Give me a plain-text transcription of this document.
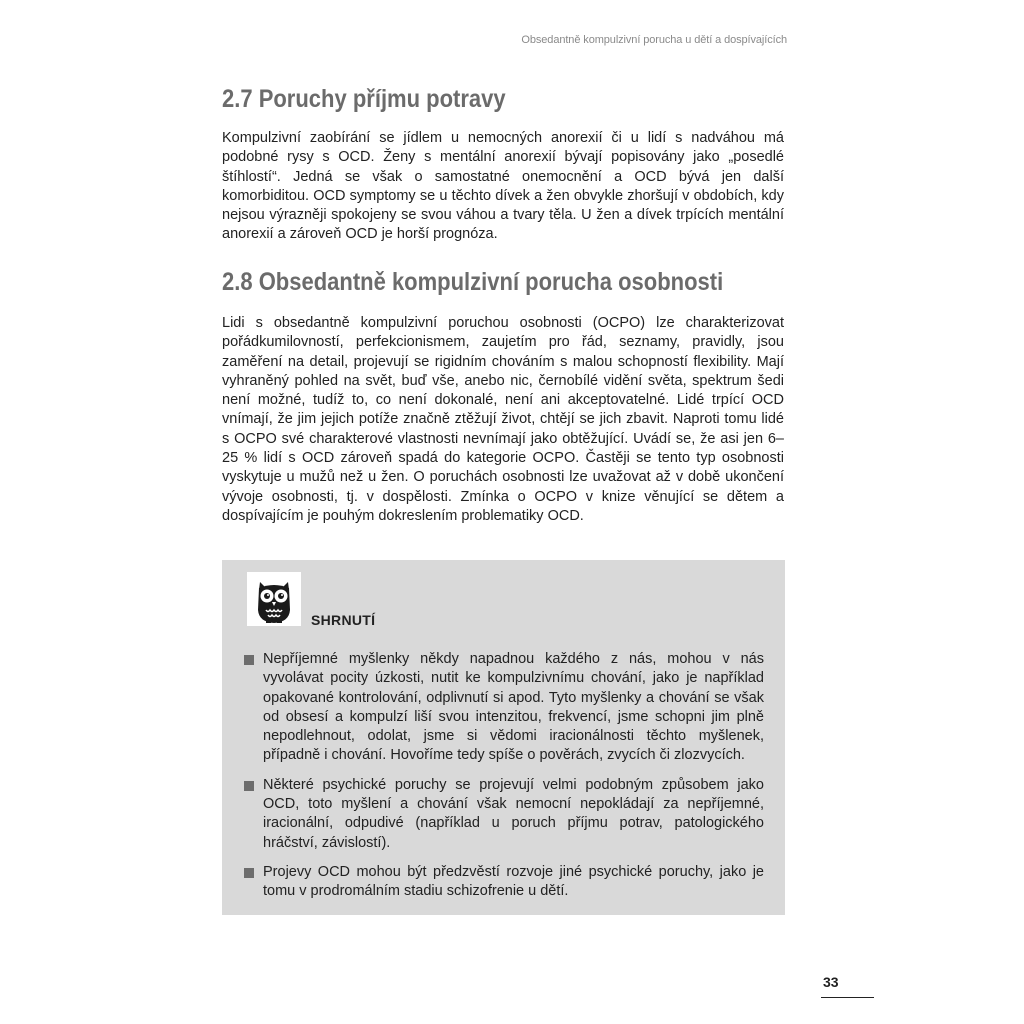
Obsedantně kompulzivní porucha u dětí a dospívajících
2.7 Poruchy příjmu potravy

Kompulzivní zaobírání se jídlem u nemocných anorexií či u lidí s nadváhou má podobné rysy s OCD. Ženy s mentální anorexií bývají popisovány jako „posedlé štíhlostí“. Jedná se však o samostatné onemocnění a OCD bývá jen další komorbiditou. OCD symptomy se u těchto dívek a žen obvykle zhoršují v obdobích, kdy nejsou výrazněji spokojeny se svou váhou a tvary těla. U žen a dívek trpících mentální anorexií a zároveň OCD je horší prognóza.

2.8 Obsedantně kompulzivní porucha osobnosti

Lidi s obsedantně kompulzivní poruchou osobnosti (OCPO) lze charakterizovat pořádkumilovností, perfekcionismem, zaujetím pro řád, seznamy, pravidly, jsou zaměření na detail, projevují se rigidním chováním s malou schopností flexibility. Mají vyhraněný pohled na svět, buď vše, anebo nic, černobílé vidění světa, spektrum šedi není možné, tudíž to, co není dokonalé, není ani akceptovatelné. Lidé trpící OCD vnímají, že jim jejich potíže značně ztěžují život, chtějí se jich zbavit. Naproti tomu lidé s OCPO své charakterové vlastnosti nevnímají jako obtěžující. Uvádí se, že asi jen 6–25 % lidí s OCD zároveň spadá do kategorie OCPO. Častěji se tento typ osobnosti vyskytuje u mužů než u žen. O poruchách osobnosti lze uvažovat až v době ukončení vývoje osobnosti, tj. v dospělosti. Zmínka o OCPO v knize věnující se dětem a dospívajícím je pouhým dokreslením problematiky OCD.

SHRNUTÍ
Nepříjemné myšlenky někdy napadnou každého z nás, mohou v nás vyvolávat pocity úzkosti, nutit ke kompulzivnímu chování, jako je například opakované kontrolování, odplivnutí si apod. Tyto myšlenky a chování se však od obsesí a kompulzí liší svou intenzitou, frekvencí, jsme schopni jim plně nepodlehnout, odolat, jsme si vědomi iracionálnosti těchto myšlenek, případně i chování. Hovoříme tedy spíše o pověrách, zvycích či zlozvycích.
Některé psychické poruchy se projevují velmi podobným způsobem jako OCD, toto myšlení a chování však nemocní nepokládají za nepříjemné, iracionální, odpudivé (například u poruch příjmu potrav, patologického hráčství, závislostí).
Projevy OCD mohou být předzvěstí rozvoje jiné psychické poruchy, jako je tomu v prodromálním stadiu schizofrenie u dětí.
33
